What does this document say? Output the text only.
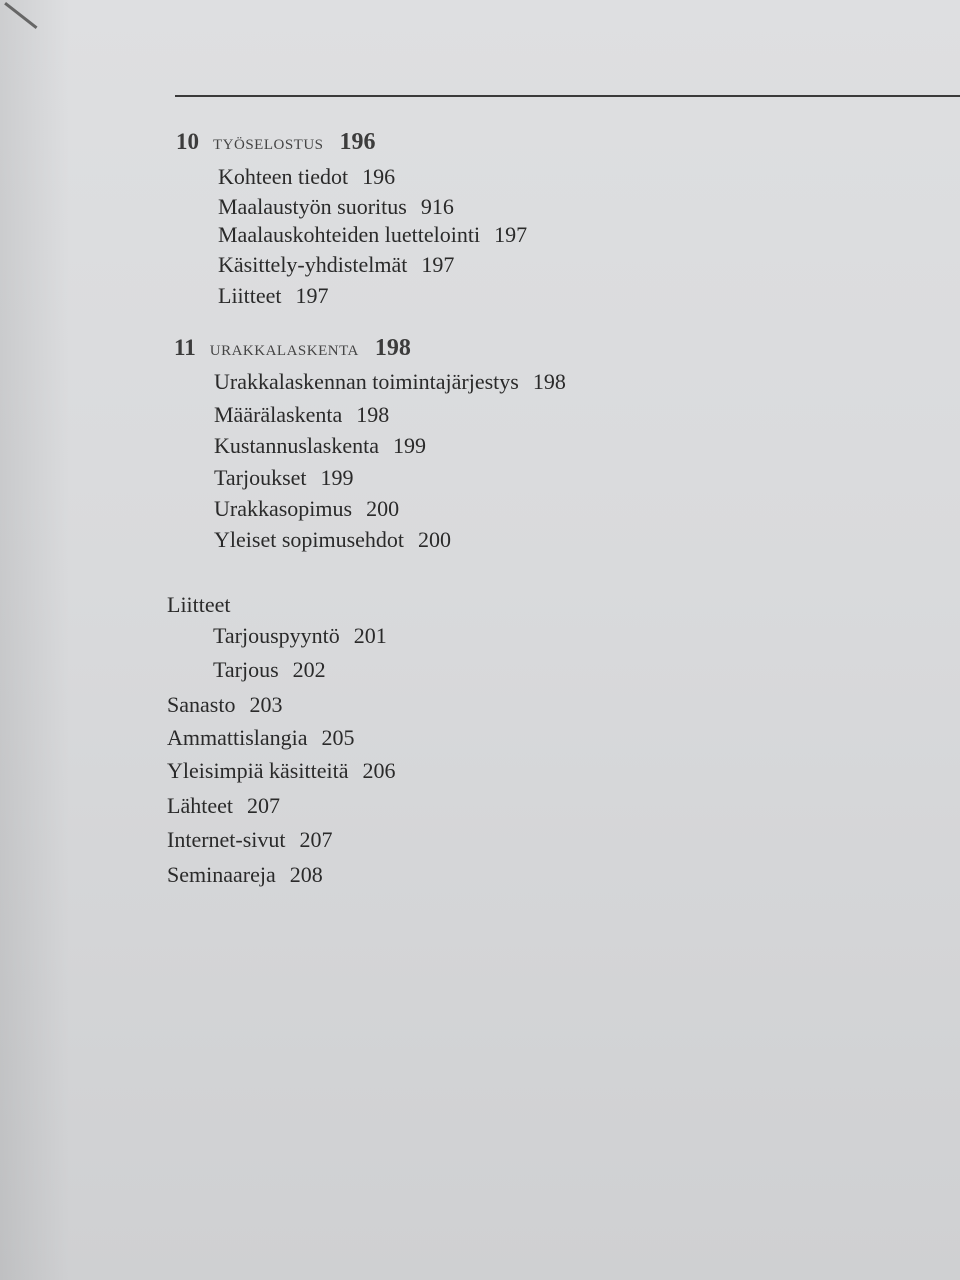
10 TYÖSELOSTUS 196
Kohteen tiedot 196
Maalaustyön suoritus 916
Maalauskohteiden luettelointi 197
Käsittely-yhdistelmät 197
Liitteet 197
11 URAKKALASKENTA 198
Urakkalaskennan toimintajärjestys 198
Määrälaskenta 198
Kustannuslaskenta 199
Tarjoukset 199
Urakkasopimus 200
Yleiset sopimusehdot 200
Liitteet
Tarjouspyyntö 201
Tarjous 202
Sanasto 203
Ammattislangia 205
Yleisimpiä käsitteitä 206
Lähteet 207
Internet-sivut 207
Seminaareja 208
